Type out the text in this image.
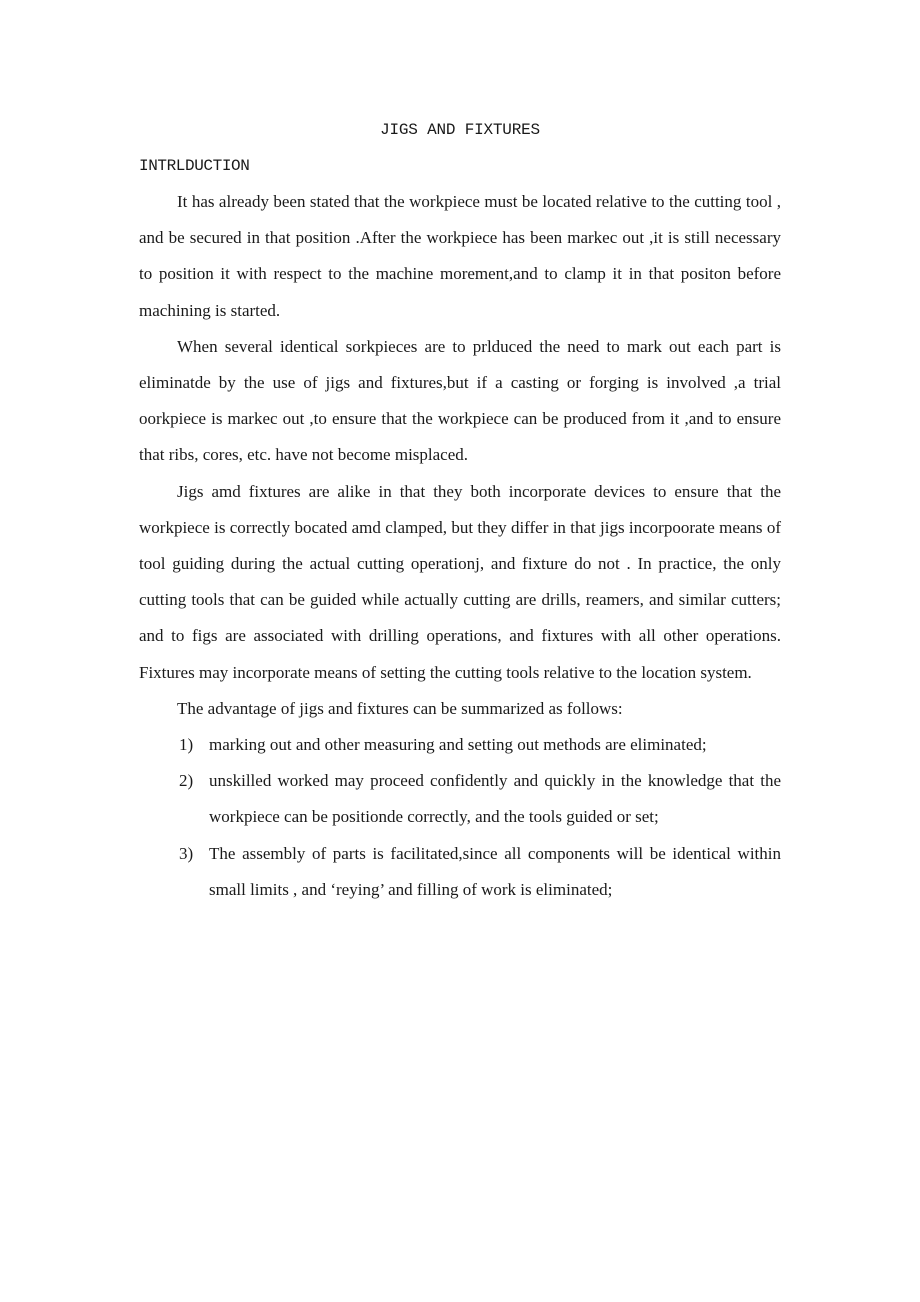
JIGS AND FIXTURES
INTRLDUCTION

It has already been stated that the workpiece must be located relative to the cutting tool , and be secured in that position .After the workpiece has been markec out ,it is still necessary to position it with respect to the machine morement,and to clamp it in that positon before machining is started.

When several identical sorkpieces are to prlduced the need to mark out each part is eliminatde by the use of jigs and fixtures,but if a casting or forging is involved ,a trial oorkpiece is markec out ,to ensure that the workpiece can be produced from it ,and to ensure that ribs, cores, etc. have not become misplaced.

Jigs amd fixtures are alike in that they both incorporate devices to ensure that the workpiece is correctly bocated amd clamped, but they differ in that jigs incorpoorate means of tool guiding during the actual cutting operationj, and fixture do not . In practice, the only cutting tools that can be guided while actually cutting are drills, reamers, and similar cutters; and to figs are associated with drilling operations, and fixtures with all other operations. Fixtures may incorporate means of setting the cutting tools relative to the location system.

The advantage of jigs and fixtures can be summarized as follows:

1) marking out and other measuring and setting out methods are eliminated;
2) unskilled worked may proceed confidently and quickly in the knowledge that the workpiece can be positionde correctly, and the tools guided or set;
3) The assembly of parts is facilitated,since all components will be identical within small limits , and ‘reying’ and filling of work is eliminated;
